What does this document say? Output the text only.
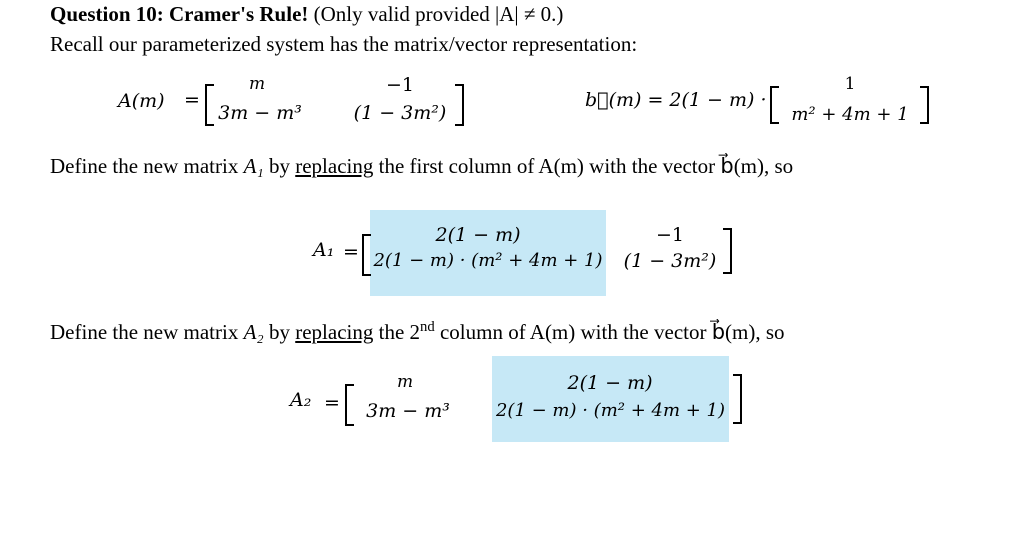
Question 10: Cramer's Rule! (Only valid provided |A| ≠ 0.)
Recall our parameterized system has the matrix/vector representation:
A(m) =
m
3m − m³
−1
(1 − 3m²)
b⃗(m) = 2(1 − m) ·
1
m² + 4m + 1
Define the new matrix A₁ by replacing the first column of A(m) with the vector b⃗(m), so
A₁ =
2(1 − m)
2(1 − m) · (m² + 4m + 1)
−1
(1 − 3m²)
Define the new matrix A₂ by replacing the 2nd column of A(m) with the vector b⃗(m), so
A₂ =
m
3m − m³
2(1 − m)
2(1 − m) · (m² + 4m + 1)
